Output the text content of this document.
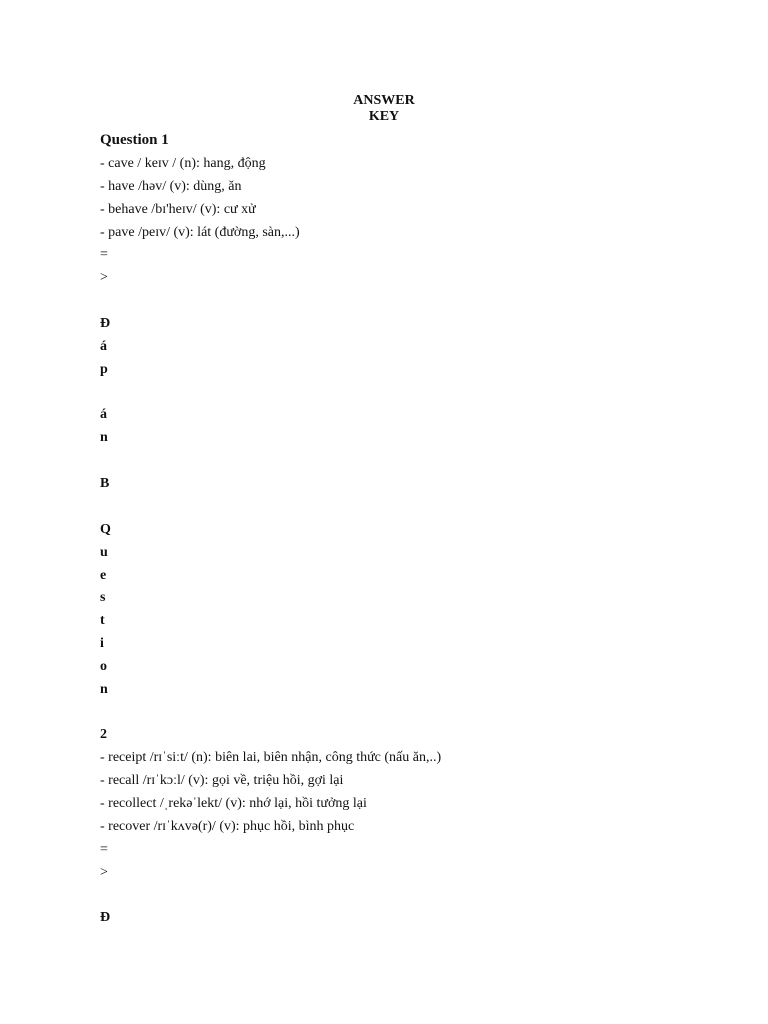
ANSWER
KEY
Question 1
- cave / keɪv / (n): hang, động
- have /həv/ (v): dùng, ăn
- behave /bɪ'heɪv/ (v): cư xử
- pave /peɪv/ (v): lát (đường, sàn,...)
=
>
Đ
á
p
á
n
B
Q
u
e
s
t
i
o
n
2
- receipt /rɪˈsiːt/ (n): biên lai, biên nhận, công thức (nấu ăn,..)
- recall /rɪˈkɔːl/ (v): gọi về, triệu hồi, gợi lại
- recollect /ˌrekəˈlekt/ (v): nhớ lại, hồi tưởng lại
- recover /rɪˈkʌvə(r)/ (v): phục hồi, bình phục
=
>
Đ
